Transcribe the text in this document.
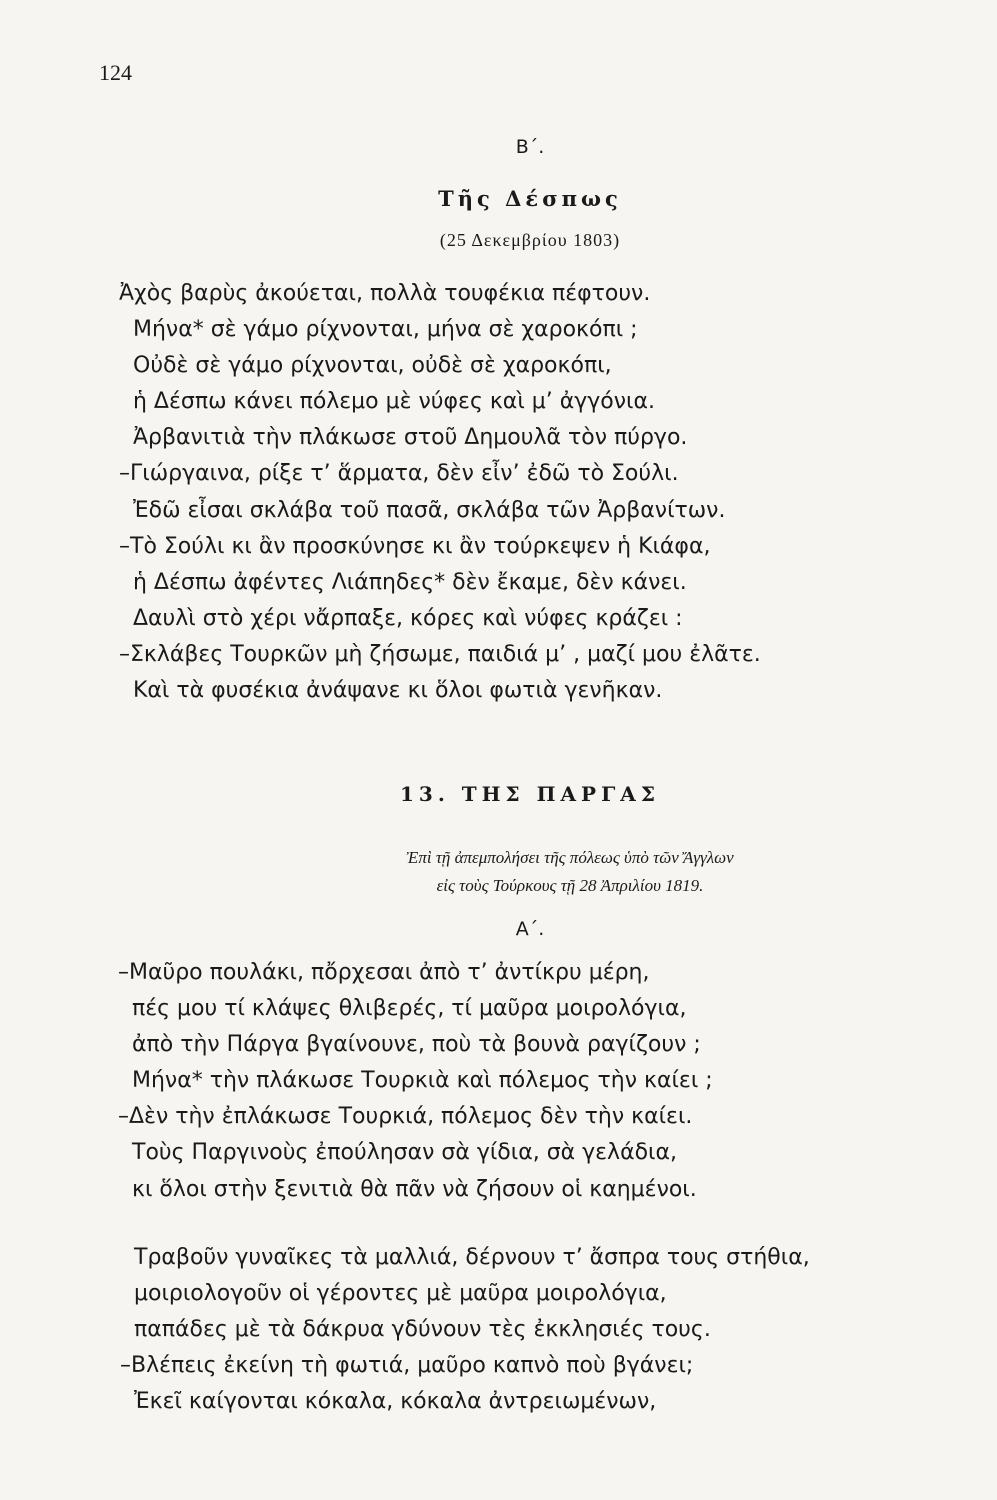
124
Β΄.
Τῆς Δέσπως
(25 Δεκεμβρίου 1803)
Ἀχὸς βαρὺς ἀκούεται, πολλὰ τουφέκια πέφτουν.
Μήνα* σὲ γάμο ρίχνονται, μήνα σὲ χαροκόπι ;
Οὐδὲ σὲ γάμο ρίχνονται, οὐδὲ σὲ χαροκόπι,
ἡ Δέσπω κάνει πόλεμο μὲ νύφες καὶ μ’ ἀγγόνια.
Ἀρβανιτιὰ τὴν πλάκωσε στοῦ Δημουλᾶ τὸν πύργο.
–Γιώργαινα, ρίξε τ’ ἅρματα, δὲν εἶν’ ἐδῶ τὸ Σούλι.
Ἐδῶ εἶσαι σκλάβα τοῦ πασᾶ, σκλάβα τῶν Ἀρβανίτων.
–Τὸ Σούλι κι ἂν προσκύνησε κι ἂν τούρκεψεν ἡ Κιάφα,
ἡ Δέσπω ἀφέντες Λιάπηδες* δὲν ἔκαμε, δὲν κάνει.
Δαυλὶ στὸ χέρι νἄρπαξε, κόρες καὶ νύφες κράζει :
–Σκλάβες Τουρκῶν μὴ ζήσωμε, παιδιά μ’ , μαζί μου ἐλᾶτε.
Καὶ τὰ φυσέκια ἀνάψανε κι ὅλοι φωτιὰ γενῆκαν.
13. ΤΗΣ ΠΑΡΓΑΣ
Ἐπὶ τῇ ἀπεμπολήσει τῆς πόλεως ὑπὸ τῶν Ἄγγλων
εἰς τοὺς Τούρκους τῇ 28 Ἀπριλίου 1819.
Α΄.
–Μαῦρο πουλάκι, πὄρχεσαι ἀπὸ τ’ ἀντίκρυ μέρη,
πές μου τί κλάψες θλιβερές, τί μαῦρα μοιρολόγια,
ἀπὸ τὴν Πάργα βγαίνουνε, ποὺ τὰ βουνὰ ραγίζουν ;
Μήνα* τὴν πλάκωσε Τουρκιὰ καὶ πόλεμος τὴν καίει ;
–Δὲν τὴν ἐπλάκωσε Τουρκιά, πόλεμος δὲν τὴν καίει.
Τοὺς Παργινοὺς ἐπούλησαν σὰ γίδια, σὰ γελάδια,
κι ὅλοι στὴν ξενιτιὰ θὰ πᾶν νὰ ζήσουν οἱ καημένοι.
Τραβοῦν γυναῖκες τὰ μαλλιά, δέρνουν τ’ ἄσπρα τους στήθια,
μοιριολογοῦν οἱ γέροντες μὲ μαῦρα μοιρολόγια,
παπάδες μὲ τὰ δάκρυα γδύνουν τὲς ἐκκλησιές τους.
–Βλέπεις ἐκείνη τὴ φωτιά, μαῦρο καπνὸ ποὺ βγάνει;
Ἐκεῖ καίγονται κόκαλα, κόκαλα ἀντρειωμένων,
